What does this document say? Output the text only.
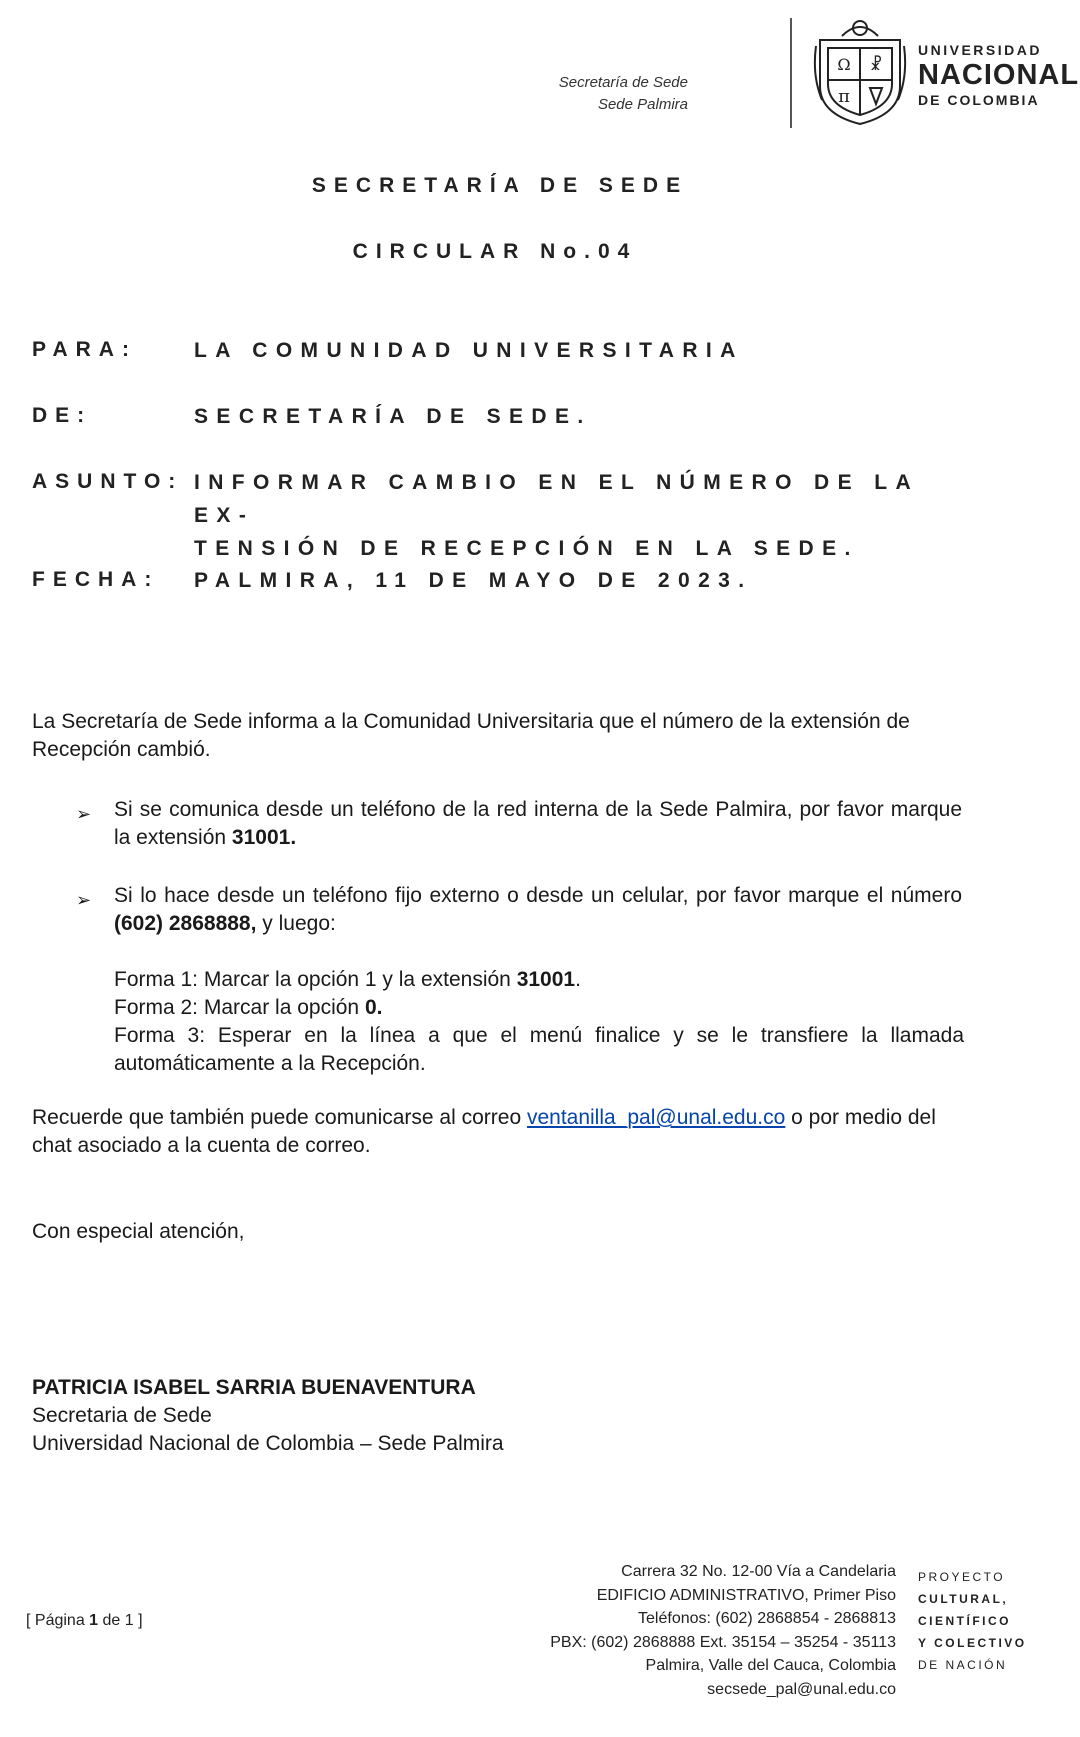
Secretaría de Sede
Sede Palmira
Ω ☧
π
UNIVERSIDAD
NACIONAL
DE COLOMBIA
SECRETARÍA DE SEDE
CIRCULAR No.04
PARA:	LA COMUNIDAD UNIVERSITARIA
DE:	SECRETARÍA DE SEDE.
ASUNTO: INFORMAR CAMBIO EN EL NÚMERO DE LA EX-
TENSIÓN DE RECEPCIÓN EN LA SEDE.
FECHA: PALMIRA, 11 DE MAYO DE 2023.
La Secretaría de Sede informa a la Comunidad Universitaria que el número de la extensión de Recepción cambió.
➢ Si se comunica desde un teléfono de la red interna de la Sede Palmira, por favor marque la extensión 31001.
➢ Si lo hace desde un teléfono fijo externo o desde un celular, por favor marque el número (602) 2868888, y luego:
Forma 1: Marcar la opción 1 y la extensión 31001.
Forma 2: Marcar la opción 0.
Forma 3: Esperar en la línea a que el menú finalice y se le transfiere la llamada automáticamente a la Recepción.
Recuerde que también puede comunicarse al correo ventanilla_pal@unal.edu.co o por medio del chat asociado a la cuenta de correo.
Con especial atención,
PATRICIA ISABEL SARRIA BUENAVENTURA
Secretaria de Sede
Universidad Nacional de Colombia – Sede Palmira
[ Página 1 de 1 ]
Carrera 32 No. 12-00 Vía a Candelaria
EDIFICIO ADMINISTRATIVO, Primer Piso
Teléfonos: (602) 2868854 - 2868813
PBX: (602) 2868888 Ext. 35154 – 35254 - 35113
Palmira, Valle del Cauca, Colombia
secsede_pal@unal.edu.co
PROYECTO
CULTURAL,
CIENTÍFICO
Y COLECTIVO
DE NACIÓN
